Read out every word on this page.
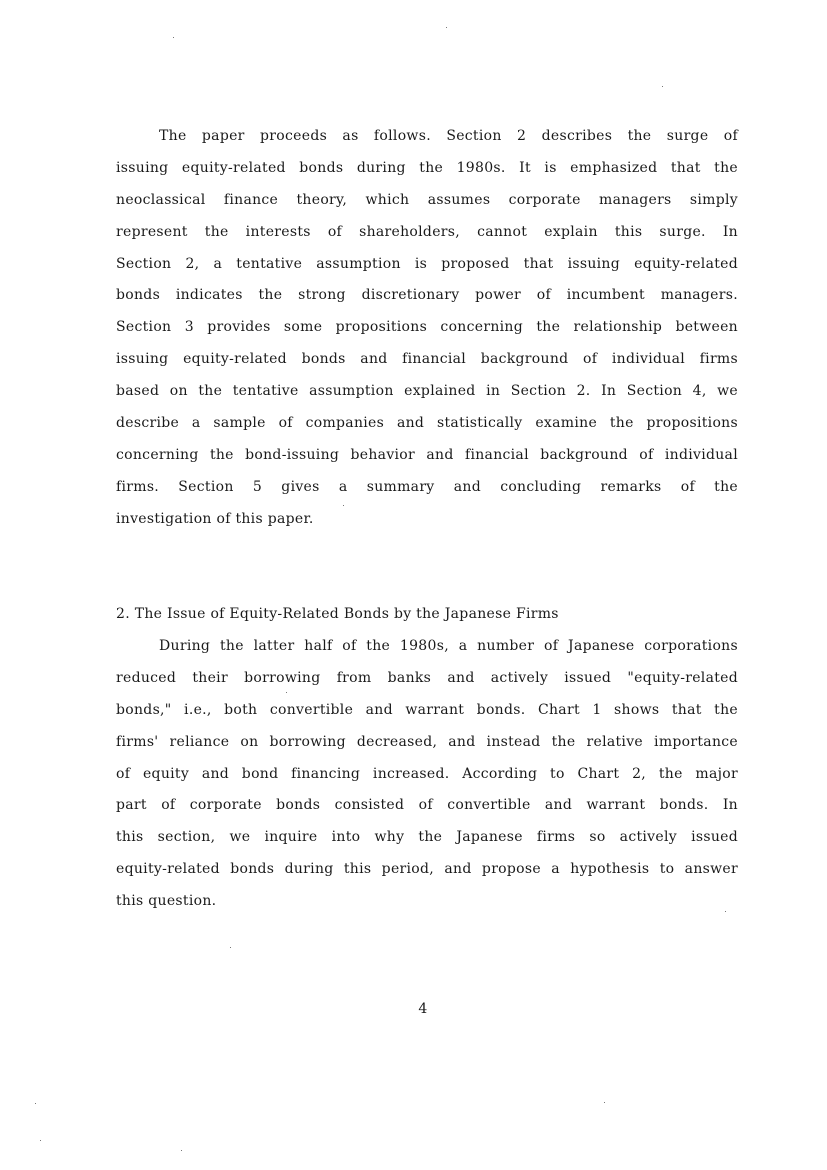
The paper proceeds as follows. Section 2 describes the surge of
issuing equity-related bonds during the 1980s. It is emphasized that the
neoclassical finance theory, which assumes corporate managers simply
represent the interests of shareholders, cannot explain this surge. In
Section 2, a tentative assumption is proposed that issuing equity-related
bonds indicates the strong discretionary power of incumbent managers.
Section 3 provides some propositions concerning the relationship between
issuing equity-related bonds and financial background of individual firms
based on the tentative assumption explained in Section 2. In Section 4, we
describe a sample of companies and statistically examine the propositions
concerning the bond-issuing behavior and financial background of individual
firms. Section 5 gives a summary and concluding remarks of the
investigation of this paper.

2. The Issue of Equity-Related Bonds by the Japanese Firms

During the latter half of the 1980s, a number of Japanese corporations
reduced their borrowing from banks and actively issued "equity-related
bonds," i.e., both convertible and warrant bonds. Chart 1 shows that the
firms' reliance on borrowing decreased, and instead the relative importance
of equity and bond financing increased. According to Chart 2, the major
part of corporate bonds consisted of convertible and warrant bonds. In
this section, we inquire into why the Japanese firms so actively issued
equity-related bonds during this period, and propose a hypothesis to answer
this question.

4
